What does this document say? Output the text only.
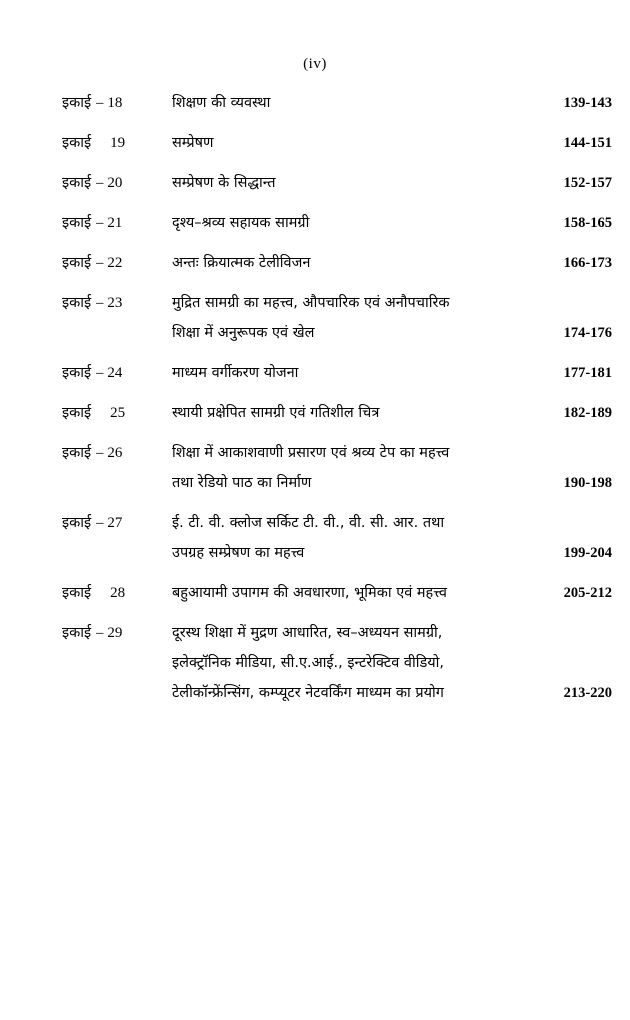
(iv)
इकाई – 18	शिक्षण की व्यवस्था	139-143
इकाई 19	सम्प्रेषण	144-151
इकाई – 20	सम्प्रेषण के सिद्धान्त	152-157
इकाई – 21	दृश्य–श्रव्य सहायक सामग्री	158-165
इकाई – 22	अन्तः क्रियात्मक टेलीविजन	166-173
इकाई – 23	मुद्रित सामग्री का महत्त्व, औपचारिक एवं अनौपचारिक
शिक्षा में अनुरूपक एवं खेल	174-176
इकाई – 24	माध्यम वर्गीकरण योजना	177-181
इकाई 25	स्थायी प्रक्षेपित सामग्री एवं गतिशील चित्र	182-189
इकाई – 26	शिक्षा में आकाशवाणी प्रसारण एवं श्रव्य टेप का महत्त्व
तथा रेडियो पाठ का निर्माण	190-198
इकाई – 27	ई. टी. वी. क्लोज सर्किट टी. वी., वी. सी. आर. तथा
उपग्रह सम्प्रेषण का महत्त्व	199-204
इकाई 28	बहुआयामी उपागम की अवधारणा, भूमिका एवं महत्त्व	205-212
इकाई – 29	दूरस्थ शिक्षा में मुद्रण आधारित, स्व–अध्ययन सामग्री,
इलेक्ट्रॉनिक मीडिया, सी.ए.आई., इन्टरेक्टिव वीडियो,
टेलीकॉन्फ्रेंन्सिंग, कम्प्यूटर नेटवर्किंग माध्यम का प्रयोग	213-220
